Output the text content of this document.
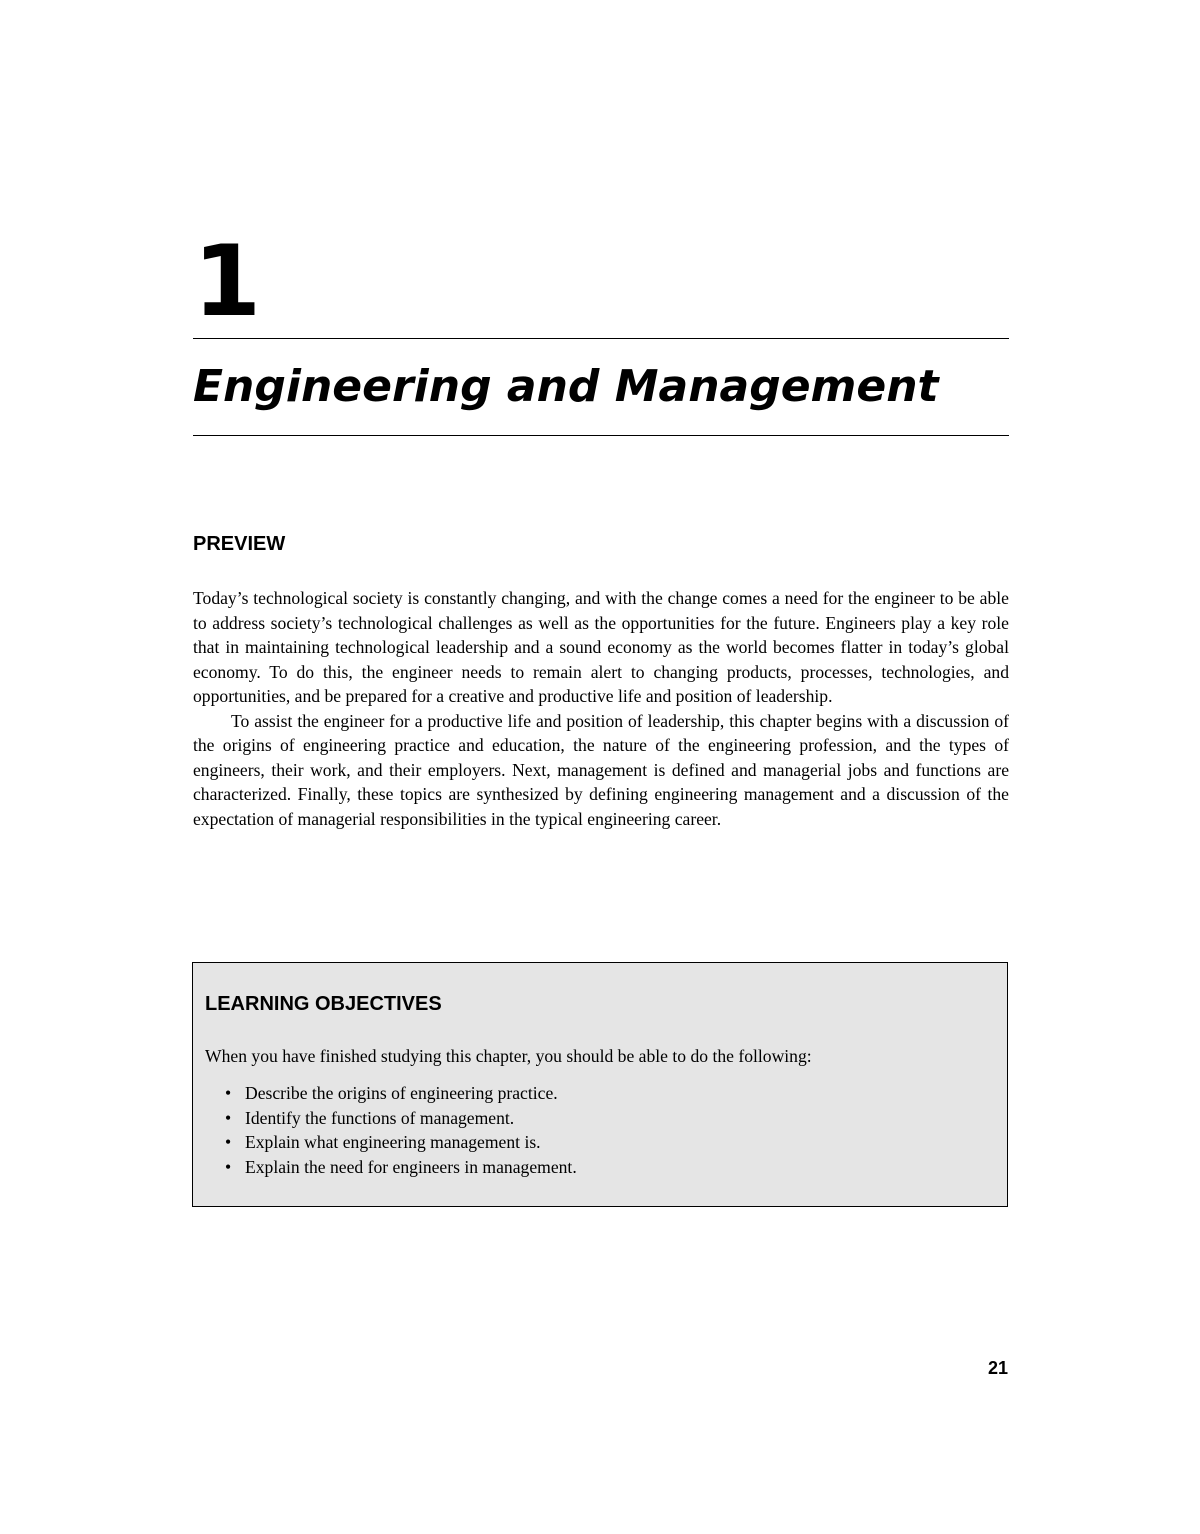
1
Engineering and Management
PREVIEW

Today’s technological society is constantly changing, and with the change comes a need for the engineer to be able to address society’s technological challenges as well as the opportunities for the future. Engineers play a key role that in maintaining technological leadership and a sound economy as the world becomes flatter in today’s global economy. To do this, the engineer needs to remain alert to changing products, processes, technologies, and opportunities, and be prepared for a creative and productive life and position of leadership.

To assist the engineer for a productive life and position of leadership, this chapter begins with a discussion of the origins of engineering practice and education, the nature of the engineering profession, and the types of engineers, their work, and their employers. Next, management is defined and managerial jobs and functions are characterized. Finally, these topics are synthesized by defining engineering management and a discussion of the expectation of managerial responsibilities in the typical engineering career.

LEARNING OBJECTIVES

When you have finished studying this chapter, you should be able to do the following:

• Describe the origins of engineering practice.
• Identify the functions of management.
• Explain what engineering management is.
• Explain the need for engineers in management.
21
